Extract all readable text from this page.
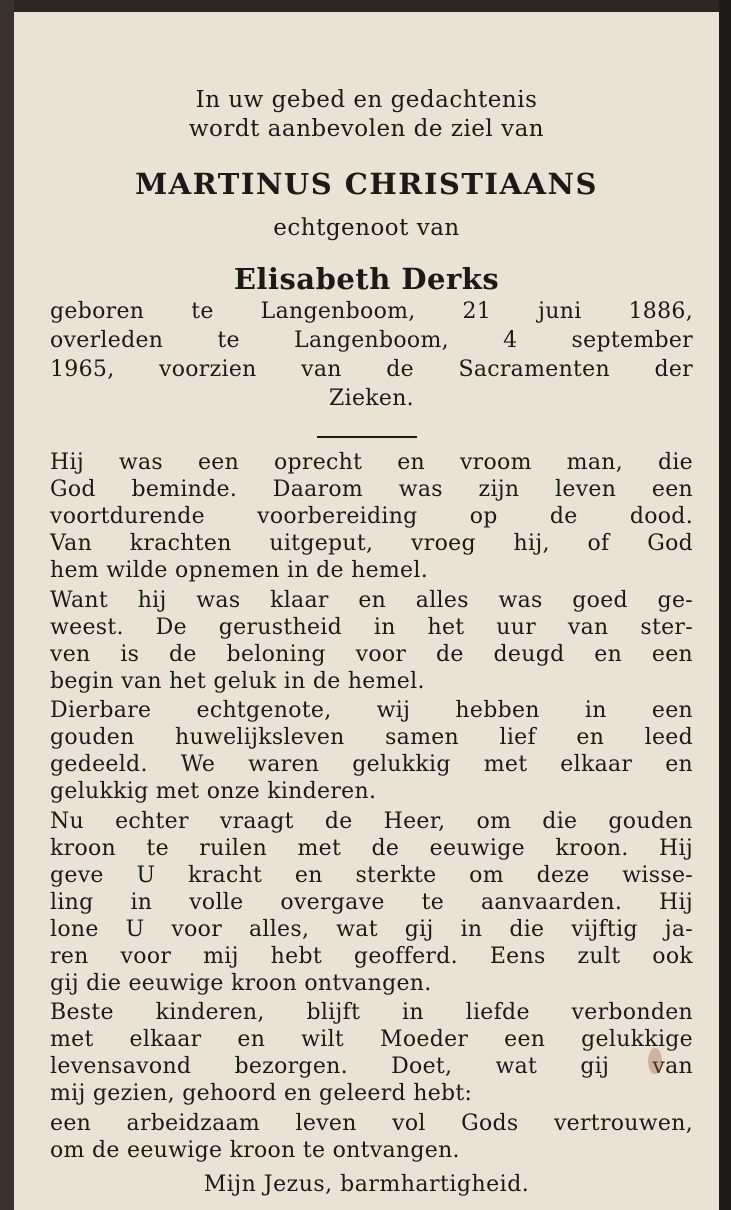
In uw gebed en gedachtenis
wordt aanbevolen de ziel van
MARTINUS CHRISTIAANS
echtgenoot van
Elisabeth Derks
geboren te Langenboom, 21 juni 1886,
overleden te Langenboom, 4 september
1965, voorzien van de Sacramenten der
Zieken.
Hij was een oprecht en vroom man, die
God beminde. Daarom was zijn leven een
voortdurende voorbereiding op de dood.
Van krachten uitgeput, vroeg hij, of God
hem wilde opnemen in de hemel.
Want hij was klaar en alles was goed ge-
weest. De gerustheid in het uur van ster-
ven is de beloning voor de deugd en een
begin van het geluk in de hemel.
Dierbare echtgenote, wij hebben in een
gouden huwelijksleven samen lief en leed
gedeeld. We waren gelukkig met elkaar en
gelukkig met onze kinderen.
Nu echter vraagt de Heer, om die gouden
kroon te ruilen met de eeuwige kroon. Hij
geve U kracht en sterkte om deze wisse-
ling in volle overgave te aanvaarden. Hij
lone U voor alles, wat gij in die vijftig ja-
ren voor mij hebt geofferd. Eens zult ook
gij die eeuwige kroon ontvangen.
Beste kinderen, blijft in liefde verbonden
met elkaar en wilt Moeder een gelukkige
levensavond bezorgen. Doet, wat gij van
mij gezien, gehoord en geleerd hebt:
een arbeidzaam leven vol Gods vertrouwen,
om de eeuwige kroon te ontvangen.
Mijn Jezus, barmhartigheid.
